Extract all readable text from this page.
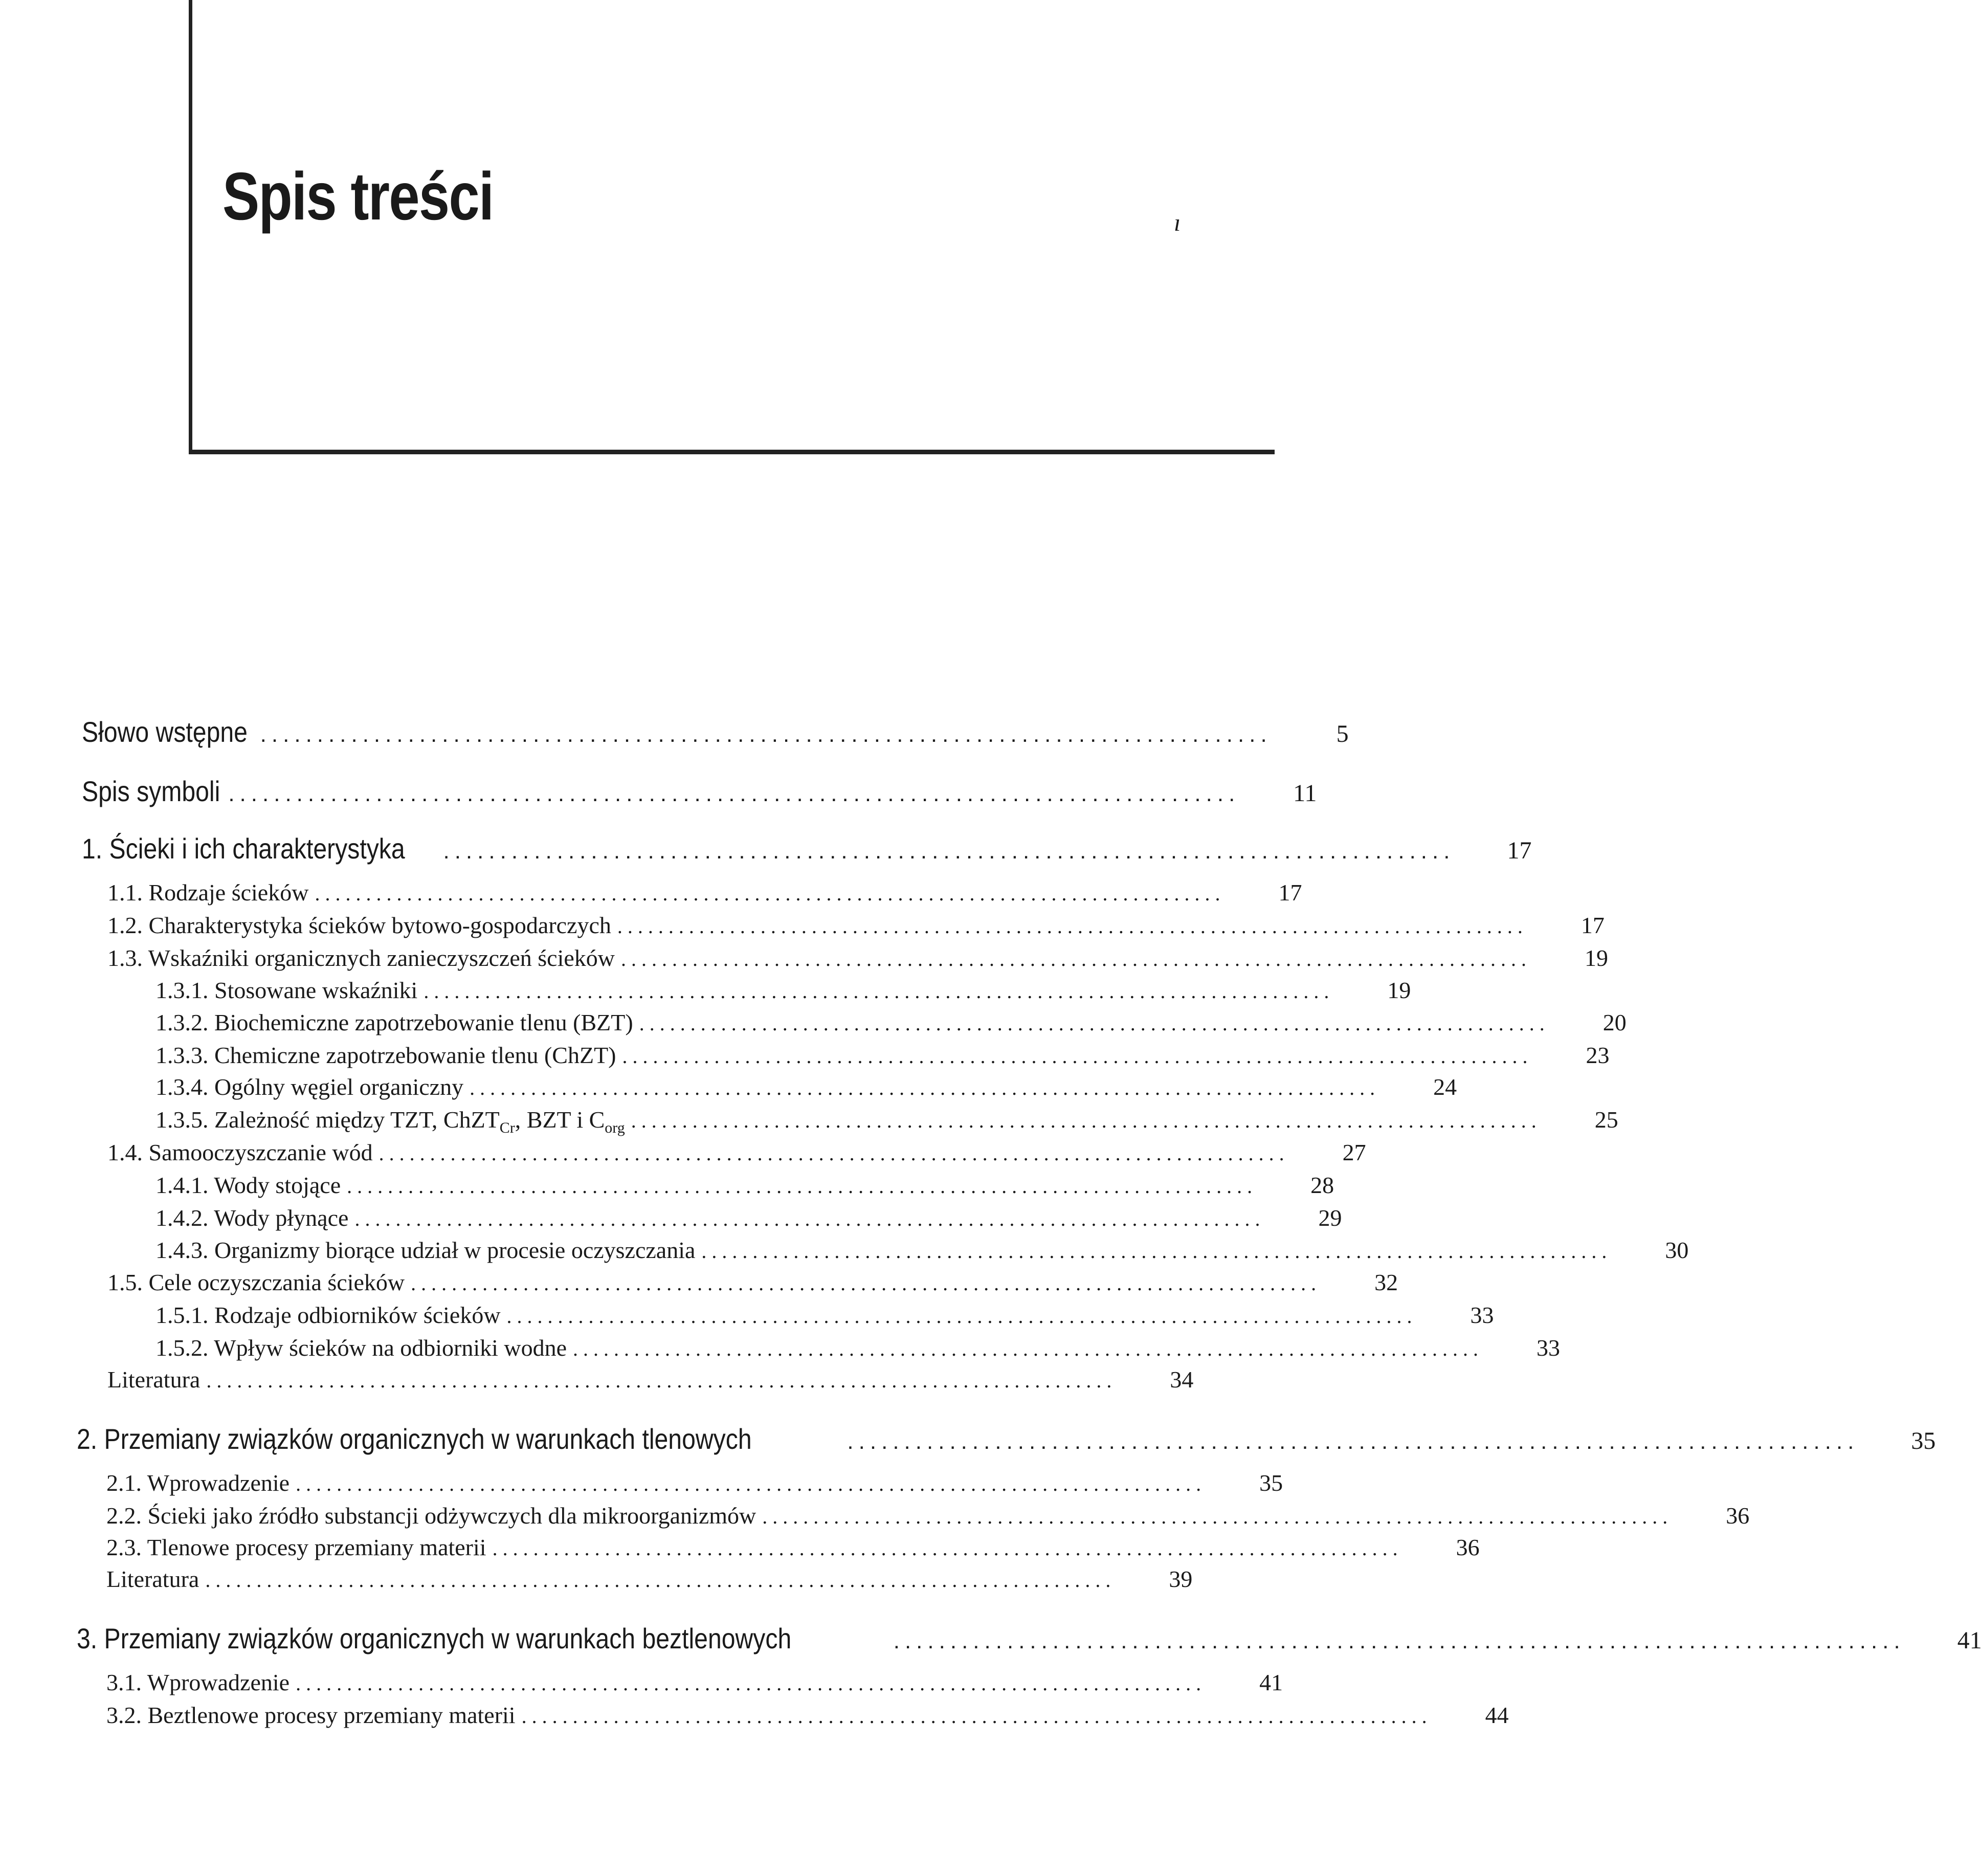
Spis treści	ı
Słowo wstępne .........................................................................................	5
Spis symboli .........................................................................................	11
1. Ścieki i ich charakterystyka .........................................................................................	17
1.1. Rodzaje ścieków .........................................................................................	17
1.2. Charakterystyka ścieków bytowo-gospodarczych .........................................................................................	17
1.3. Wskaźniki organicznych zanieczyszczeń ścieków .........................................................................................	19
1.3.1. Stosowane wskaźniki .........................................................................................	19
1.3.2. Biochemiczne zapotrzebowanie tlenu (BZT) .........................................................................................	20
1.3.3. Chemiczne zapotrzebowanie tlenu (ChZT) .........................................................................................	23
1.3.4. Ogólny węgiel organiczny .........................................................................................	24
1.3.5. Zależność między TZT, ChZT$_{Cr}$, BZT i $C_{org}$ .........................................................................................	25
1.4. Samooczyszczanie wód .........................................................................................	27
1.4.1. Wody stojące .........................................................................................	28
1.4.2. Wody płynące .........................................................................................	29
1.4.3. Organizmy biorące udział w procesie oczyszczania .........................................................................................	30
1.5. Cele oczyszczania ścieków .........................................................................................	32
1.5.1. Rodzaje odbiorników ścieków .........................................................................................	33
1.5.2. Wpływ ścieków na odbiorniki wodne .........................................................................................	33
Literatura .........................................................................................	34
2. Przemiany związków organicznych w warunkach tlenowych	.........................................................................................	35
2.1. Wprowadzenie .........................................................................................	35
2.2. Ścieki jako źródło substancji odżywczych dla mikroorganizmów .........................................................................................	36
2.3. Tlenowe procesy przemiany materii .........................................................................................	36
Literatura .........................................................................................	39
3. Przemiany związków organicznych w warunkach beztlenowych	.........................................................................................	41
3.1. Wprowadzenie .........................................................................................	41
3.2. Beztlenowe procesy przemiany materii .........................................................................................	44
